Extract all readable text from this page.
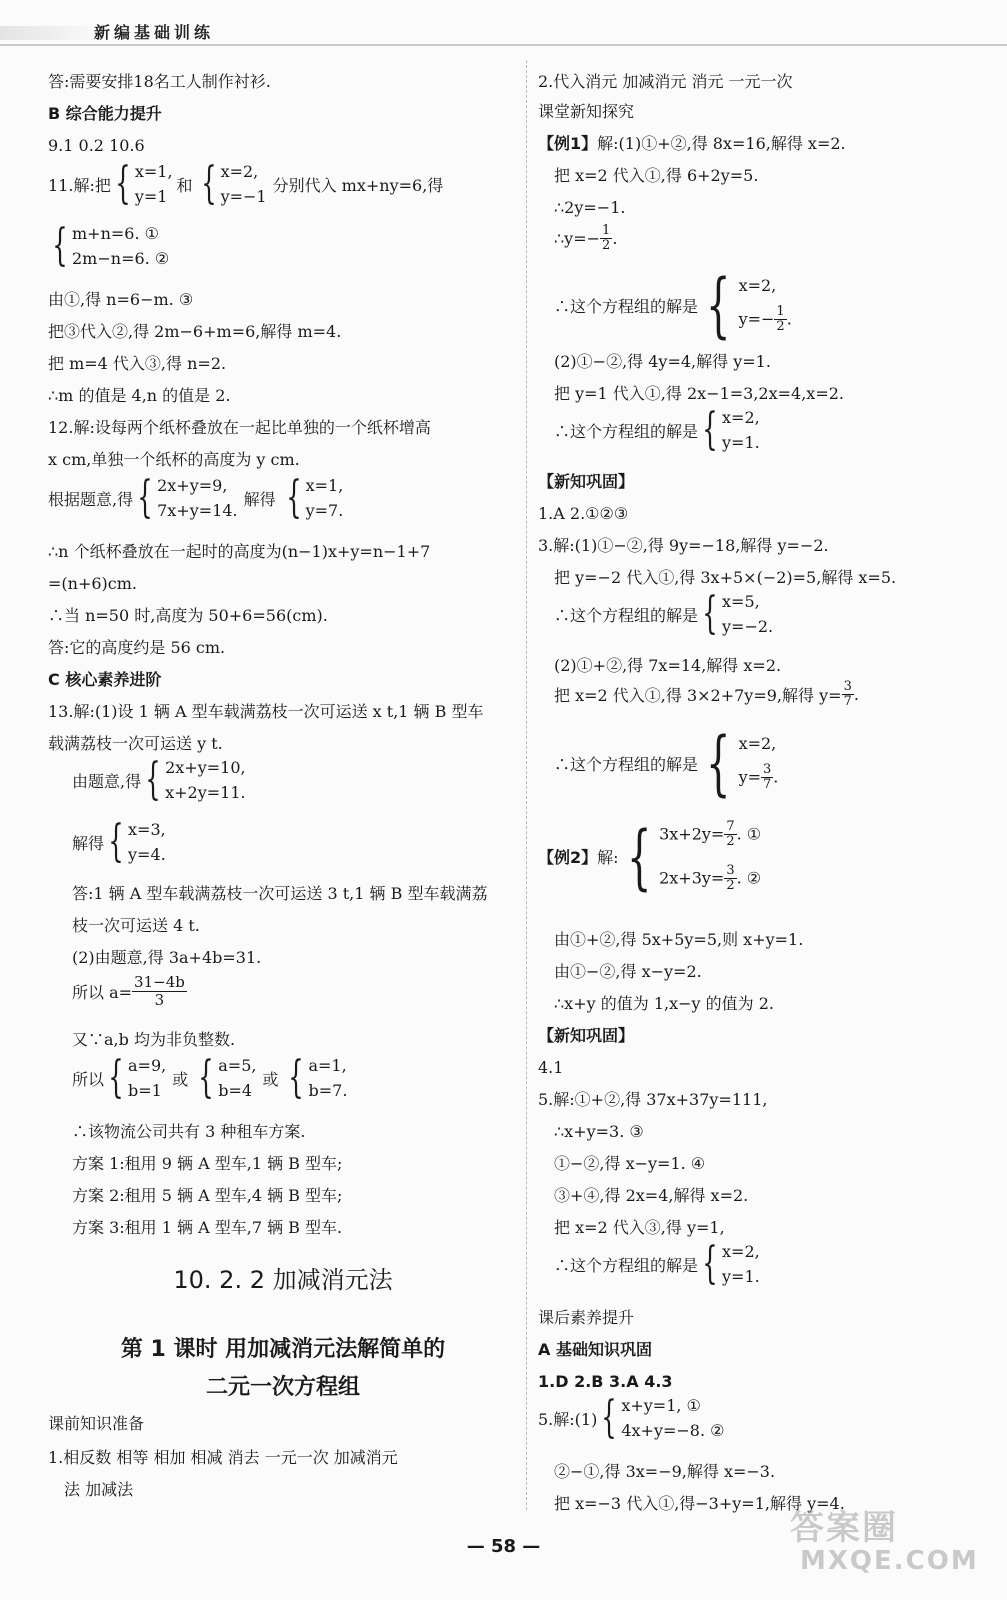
新编基础训练
答:需要安排18名工人制作衬衫.
B 综合能力提升
9.1 0.2 10.6
11.解:把 { x=1,
y=1
和 { x=2,
y=−1
分别代入 mx+ny=6,得
{ m+n=6. ①
2m−n=6. ②
由①,得 n=6−m. ③
把③代入②,得 2m−6+m=6,解得 m=4.
把 m=4 代入③,得 n=2.
∴m 的值是 4,n 的值是 2.
12.解:设每两个纸杯叠放在一起比单独的一个纸杯增高
x cm,单独一个纸杯的高度为 y cm.
根据题意,得 { 2x+y=9,
7x+y=14.
解得 { x=1,
y=7.
∴n 个纸杯叠放在一起时的高度为(n−1)x+y=n−1+7
=(n+6)cm.
∴当 n=50 时,高度为 50+6=56(cm).
答:它的高度约是 56 cm.
C 核心素养进阶
13.解:(1)设 1 辆 A 型车载满荔枝一次可运送 x t,1 辆 B 型车
载满荔枝一次可运送 y t.
由题意,得 { 2x+y=10,
x+2y=11.
解得 { x=3,
y=4.
答:1 辆 A 型车载满荔枝一次可运送 3 t,1 辆 B 型车载满荔
枝一次可运送 4 t.
(2)由题意,得 3a+4b=31.
所以 $a= \frac{31-4b}{3}$
又∵a,b 均为非负整数.
所以 { a=9,
b=1
或 { a=5,
b=4
或 { a=1,
b=7.
∴该物流公司共有 3 种租车方案.
方案 1:租用 9 辆 A 型车,1 辆 B 型车;
方案 2:租用 5 辆 A 型车,4 辆 B 型车;
方案 3:租用 1 辆 A 型车,7 辆 B 型车.
10. 2. 2 加减消元法
第 1 课时 用加减消元法解简单的
二元一次方程组
课前知识准备
1.相反数 相等 相加 相减 消去 一元一次 加减消元
法 加减法
2.代入消元 加减消元 消元 一元一次
课堂新知探究
【例1】解:(1)①+②,得 8x=16,解得 x=2.
把 x=2 代入①,得 6+2y=5.
∴2y=−1.
∴y=− $\frac{1}{2}$ .
∴这个方程组的解是 { x=2,
$y=- \frac{1}{2}$ .
(2)①−②,得 4y=4,解得 y=1.
把 y=1 代入①,得 2x−1=3,2x=4,x=2.
∴这个方程组的解是 { x=2,
y=1.
【新知巩固】
1.A 2.①②③
3.解:(1)①−②,得 9y=−18,解得 y=−2.
把 y=−2 代入①,得 3x+5×(−2)=5,解得 x=5.
∴这个方程组的解是 { x=5,
y=−2.
(2)①+②,得 7x=14,解得 x=2.
把 x=2 代入①,得 3×2+7y=9,解得 $y= \frac{3}{7}$ .
∴这个方程组的解是 { x=2,
$y= \frac{3}{7}$ .
【例2】 解: { $3x+2y= \frac{7}{2}$ . ①
$2x+3y= \frac{3}{2}$ . ②
由①+②,得 5x+5y=5,则 x+y=1.
由①−②,得 x−y=2.
∴x+y 的值为 1,x−y 的值为 2.
【新知巩固】
4.1
5.解:①+②,得 37x+37y=111,
∴x+y=3. ③
①−②,得 x−y=1. ④
③+④,得 2x=4,解得 x=2.
把 x=2 代入③,得 y=1,
∴这个方程组的解是 { x=2,
y=1.
课后素养提升
A 基础知识巩固
1.D 2.B 3.A 4.3
5.解:(1) { x+y=1, ①
4x+y=−8. ②
②−①,得 3x=−9,解得 x=−3.
把 x=−3 代入①,得−3+y=1,解得 y=4.
— 58 —	答案圈
MXQE.COM
